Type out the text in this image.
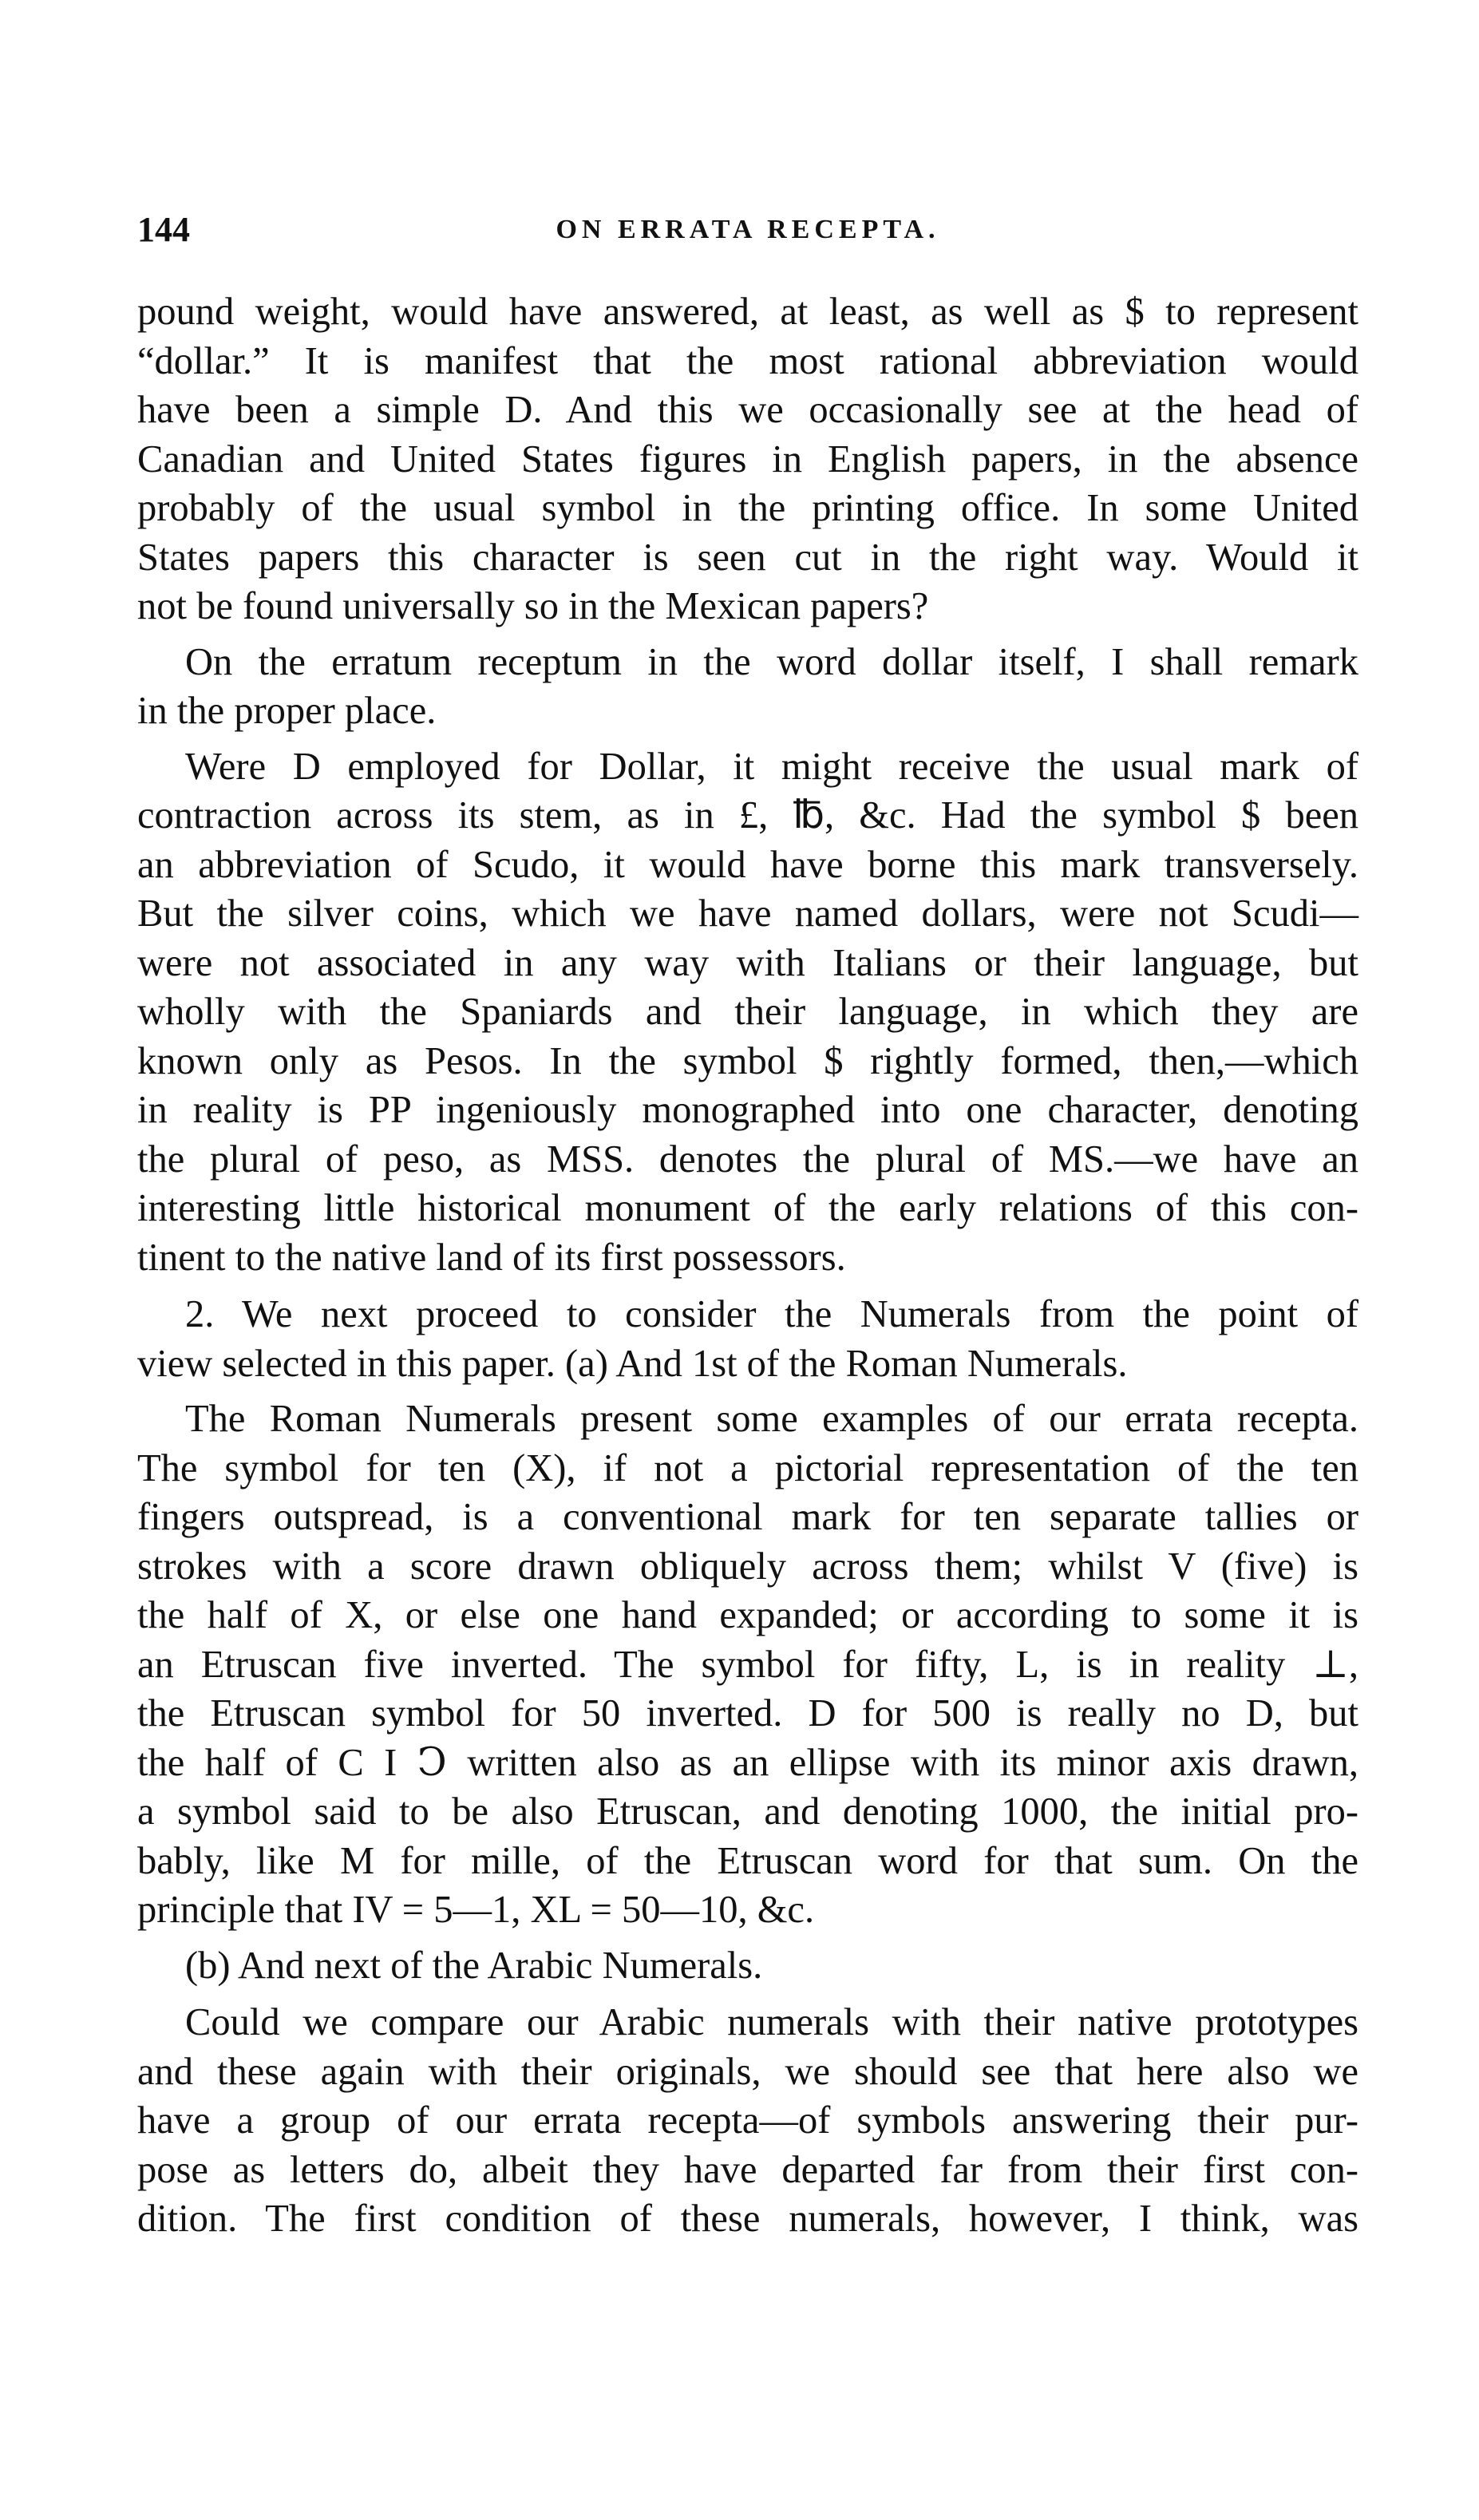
144	ON ERRATA RECEPTA.

pound weight, would have answered, at least, as well as $ to represent
“dollar.” It is manifest that the most rational abbreviation would
have been a simple D. And this we occasionally see at the head of
Canadian and United States figures in English papers, in the absence
probably of the usual symbol in the printing office. In some United
States papers this character is seen cut in the right way. Would it
not be found universally so in the Mexican papers?

On the erratum receptum in the word dollar itself, I shall remark
in the proper place.

Were D employed for Dollar, it might receive the usual mark of
contraction across its stem, as in £, ℔, &c. Had the symbol $ been
an abbreviation of Scudo, it would have borne this mark transversely.
But the silver coins, which we have named dollars, were not Scudi—
were not associated in any way with Italians or their language, but
wholly with the Spaniards and their language, in which they are
known only as Pesos. In the symbol $ rightly formed, then,—which
in reality is PP ingeniously monographed into one character, denoting
the plural of peso, as MSS. denotes the plural of MS.—we have an
interesting little historical monument of the early relations of this con-
tinent to the native land of its first possessors.

2. We next proceed to consider the Numerals from the point of
view selected in this paper. (a) And 1st of the Roman Numerals.

The Roman Numerals present some examples of our errata recepta.
The symbol for ten (X), if not a pictorial representation of the ten
fingers outspread, is a conventional mark for ten separate tallies or
strokes with a score drawn obliquely across them; whilst V (five) is
the half of X, or else one hand expanded; or according to some it is
an Etruscan five inverted. The symbol for fifty, L, is in reality ⊥,
the Etruscan symbol for 50 inverted. D for 500 is really no D, but
the half of C I Ↄ written also as an ellipse with its minor axis drawn,
a symbol said to be also Etruscan, and denoting 1000, the initial pro-
bably, like M for mille, of the Etruscan word for that sum. On the
principle that IV = 5—1, XL = 50—10, &c.

(b) And next of the Arabic Numerals.

Could we compare our Arabic numerals with their native prototypes
and these again with their originals, we should see that here also we
have a group of our errata recepta—of symbols answering their pur-
pose as letters do, albeit they have departed far from their first con-
dition. The first condition of these numerals, however, I think, was
